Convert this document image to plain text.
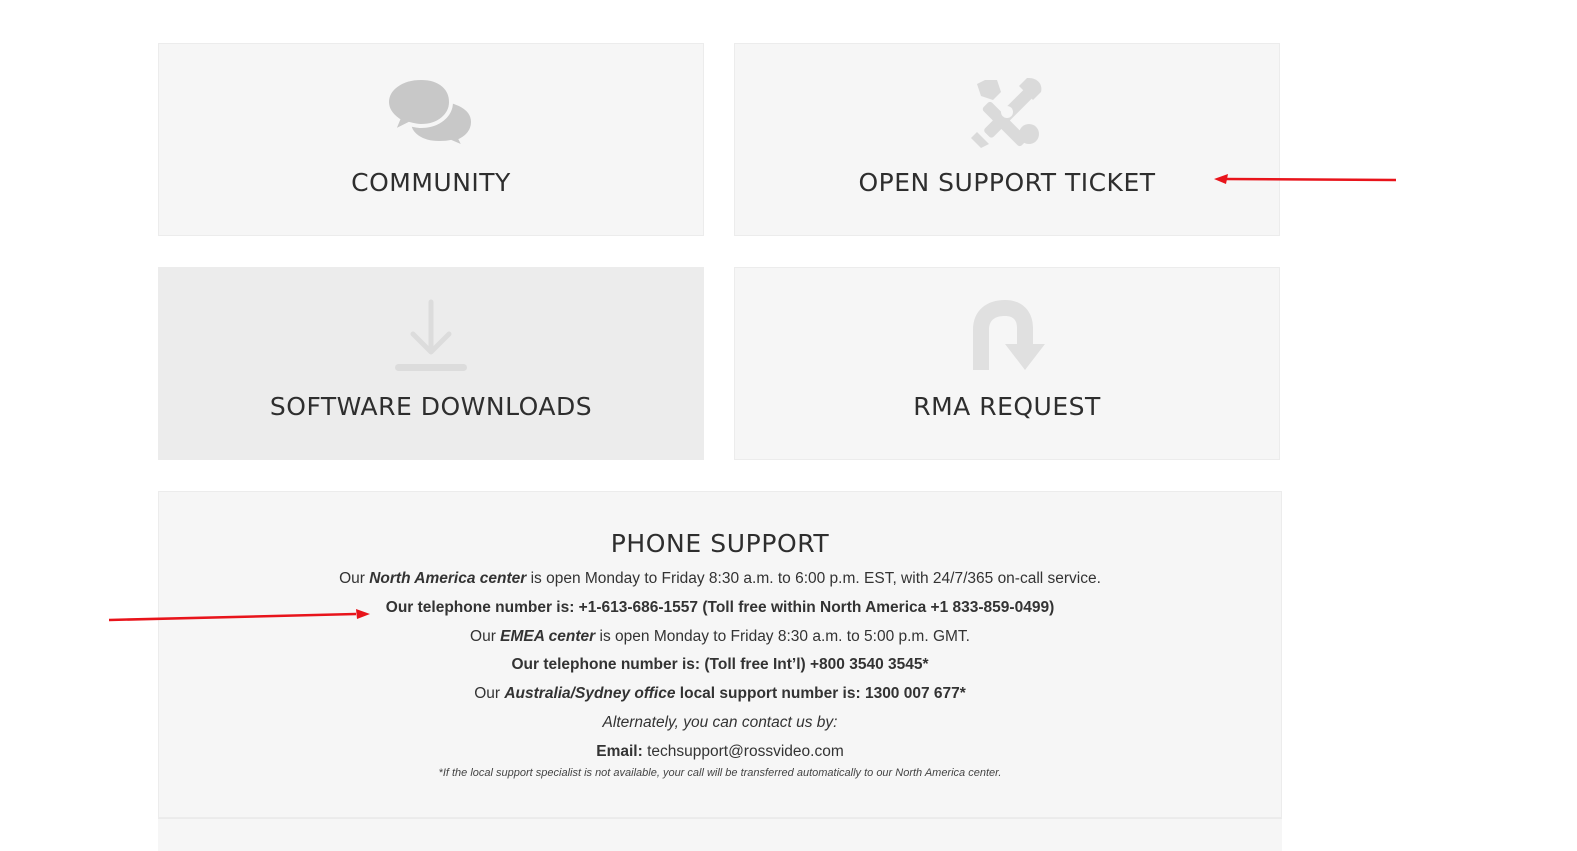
COMMUNITY	OPEN SUPPORT TICKET
SOFTWARE DOWNLOADS	RMA REQUEST
PHONE SUPPORT
Our North America center is open Monday to Friday 8:30 a.m. to 6:00 p.m. EST, with 24/7/365 on-call service.
Our telephone number is: +1-613-686-1557 (Toll free within North America +1 833-859-0499)
Our EMEA center is open Monday to Friday 8:30 a.m. to 5:00 p.m. GMT.
Our telephone number is: (Toll free Int’l) +800 3540 3545*
Our Australia/Sydney office local support number is: 1300 007 677*
Alternately, you can contact us by:
Email: techsupport@rossvideo.com
*If the local support specialist is not available, your call will be transferred automatically to our North America center.
